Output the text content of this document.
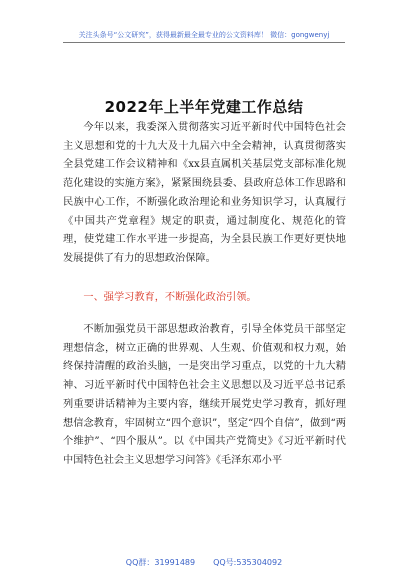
关注头条号“公文研究”，获得最新最全最专业的公文资料库！ 微信：gongwenyj
2022年上半年党建工作总结

今年以来，我委深入贯彻落实习近平新时代中国特色社会主义思想和党的十九大及十九届六中全会精神，认真贯彻落实全县党建工作会议精神和《xx县直属机关基层党支部标准化规范化建设的实施方案》，紧紧围绕县委、县政府总体工作思路和民族中心工作，不断强化政治理论和业务知识学习，认真履行《中国共产党章程》规定的职责，通过制度化、规范化的管理，使党建工作水平进一步提高，为全县民族工作更好更快地发展提供了有力的思想政治保障。

一、强学习教育，不断强化政治引领。

不断加强党员干部思想政治教育，引导全体党员干部坚定理想信念，树立正确的世界观、人生观、价值观和权力观，始终保持清醒的政治头脑，一是突出学习重点，以党的十九大精神、习近平新时代中国特色社会主义思想以及习近平总书记系列重要讲话精神为主要内容，继续开展党史学习教育，抓好理想信念教育，牢固树立“四个意识”，坚定“四个自信”，做到“两个维护”、“四个服从”。以《中国共产党简史》《习近平新时代中国特色社会主义思想学习问答》《毛泽东邓小平

QQ群：31991489 QQ号:535304092
